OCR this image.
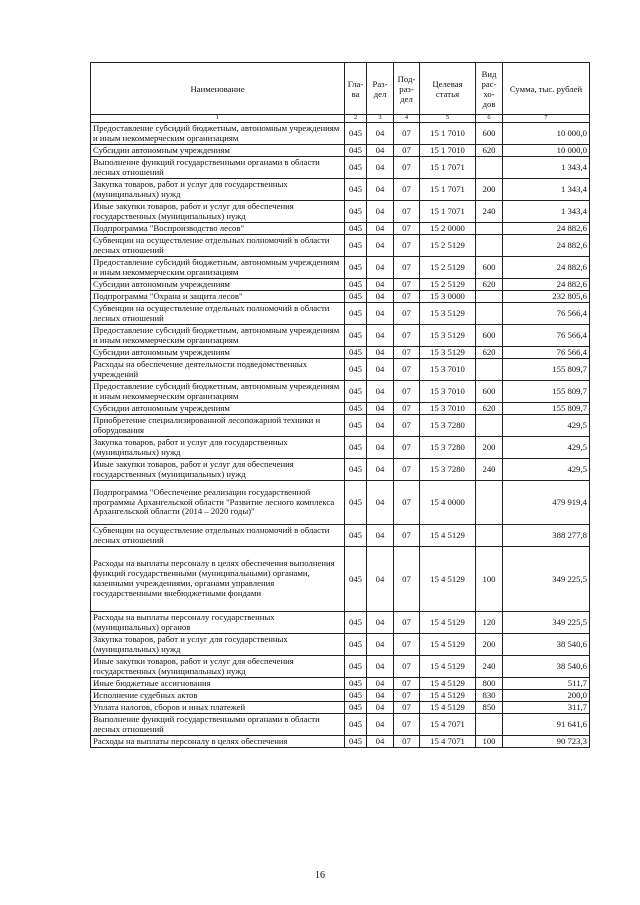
Наименование	Гла-ва	Раз-дел	Под-раз-дел	Целевая статья	Вид рас-хо-дов	Сумма, тыс. рублей
1	2	3	4	5	6	7
Предоставление субсидий бюджетным, автономным учреждениям и иным некоммерческим организациям	045	04	07	15 1 7010	600	10 000,0
Субсидии автономным учреждениям	045	04	07	15 1 7010	620	10 000,0
Выполнение функций государственными органами в области лесных отношений	045	04	07	15 1 7071		1 343,4
Закупка товаров, работ и услуг для государственных (муниципальных) нужд	045	04	07	15 1 7071	200	1 343,4
Иные закупки товаров, работ и услуг для обеспечения государственных (муниципальных) нужд	045	04	07	15 1 7071	240	1 343,4
Подпрограмма "Воспроизводство лесов"	045	04	07	15 2 0000		24 882,6
Субвенции на осуществление отдельных полномочий в области лесных отношений	045	04	07	15 2 5129		24 882,6
Предоставление субсидий бюджетным, автономным учреждениям и иным некоммерческим организациям	045	04	07	15 2 5129	600	24 882,6
Субсидии автономным учреждениям	045	04	07	15 2 5129	620	24 882,6
Подпрограмма "Охрана и защита лесов"	045	04	07	15 3 0000		232 805,6
Субвенции на осуществление отдельных полномочий в области лесных отношений	045	04	07	15 3 5129		76 566,4
Предоставление субсидий бюджетным, автономным учреждениям и иным некоммерческим организациям	045	04	07	15 3 5129	600	76 566,4
Субсидии автономным учреждениям	045	04	07	15 3 5129	620	76 566,4
Расходы на обеспечение деятельности подведомственных учреждений	045	04	07	15 3 7010		155 809,7
Предоставление субсидий бюджетным, автономным учреждениям и иным некоммерческим организациям	045	04	07	15 3 7010	600	155 809,7
Субсидии автономным учреждениям	045	04	07	15 3 7010	620	155 809,7
Приобретение специализированной лесопожарной техники и оборудования	045	04	07	15 3 7280		429,5
Закупка товаров, работ и услуг для государственных (муниципальных) нужд	045	04	07	15 3 7280	200	429,5
Иные закупки товаров, работ и услуг для обеспечения государственных (муниципальных) нужд	045	04	07	15 3 7280	240	429,5
Подпрограмма "Обеспечение реализации государственной программы Архангельской области "Развитие лесного комплекса Архангельской области (2014 – 2020 годы)"	045	04	07	15 4 0000		479 919,4
Субвенции на осуществление отдельных полномочий в области лесных отношений	045	04	07	15 4 5129		388 277,8
Расходы на выплаты персоналу в целях обеспечения выполнения функций государственными (муниципальными) органами, казенными учреждениями, органами управления государственными внебюджетными фондами	045	04	07	15 4 5129	100	349 225,5
Расходы на выплаты персоналу государственных (муниципальных) органов	045	04	07	15 4 5129	120	349 225,5
Закупка товаров, работ и услуг для государственных (муниципальных) нужд	045	04	07	15 4 5129	200	38 540,6
Иные закупки товаров, работ и услуг для обеспечения государственных (муниципальных) нужд	045	04	07	15 4 5129	240	38 540,6
Иные бюджетные ассигнования	045	04	07	15 4 5129	800	511,7
Исполнение судебных актов	045	04	07	15 4 5129	830	200,0
Уплата налогов, сборов и иных платежей	045	04	07	15 4 5129	850	311,7
Выполнение функций государственными органами в области лесных отношений	045	04	07	15 4 7071		91 641,6
Расходы на выплаты персоналу в целях обеспечения	045	04	07	15 4 7071	100	90 723,3
16
